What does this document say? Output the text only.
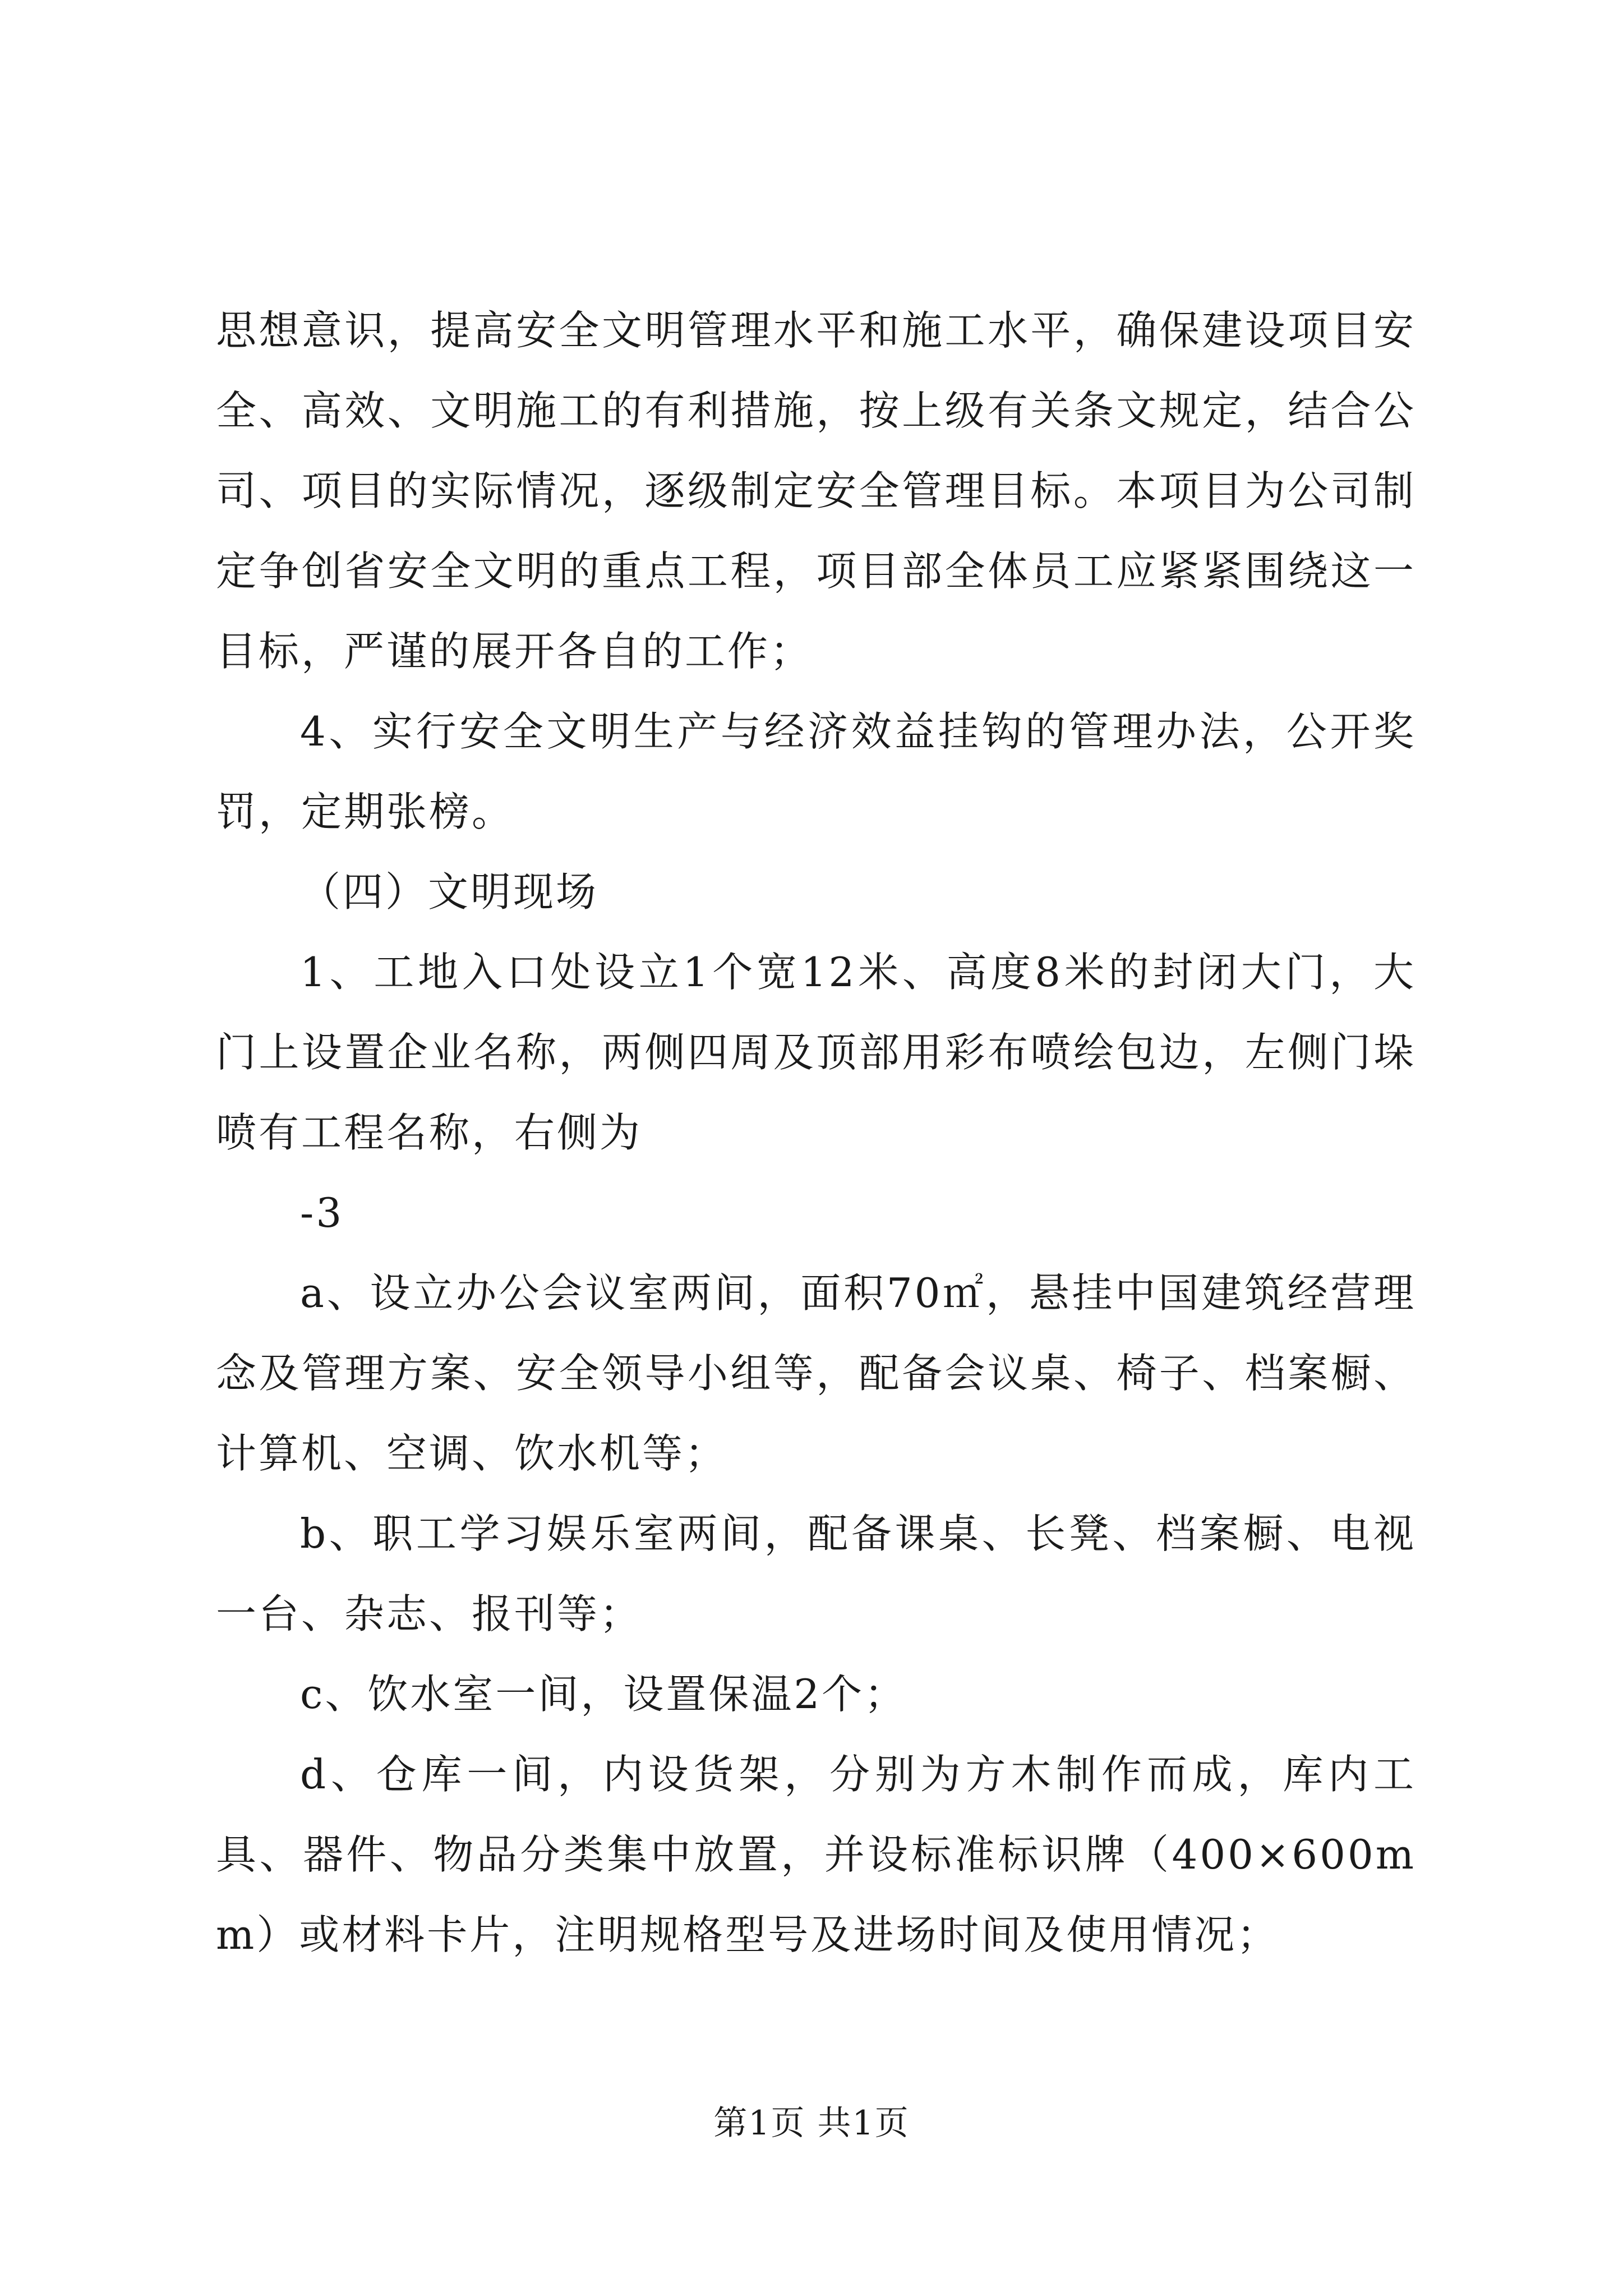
思想意识，提高安全文明管理水平和施工水平，确保建设项目安全、高效、文明施工的有利措施，按上级有关条文规定，结合公司、项目的实际情况，逐级制定安全管理目标。本项目为公司制定争创省安全文明的重点工程，项目部全体员工应紧紧围绕这一目标，严谨的展开各自的工作；

4、实行安全文明生产与经济效益挂钩的管理办法，公开奖罚，定期张榜。

（四）文明现场

1、工地入口处设立1个宽12米、高度8米的封闭大门，大门上设置企业名称，两侧四周及顶部用彩布喷绘包边，左侧门垛喷有工程名称，右侧为

-3

a、设立办公会议室两间，面积70㎡，悬挂中国建筑经营理念及管理方案、安全领导小组等，配备会议桌、椅子、档案橱、计算机、空调、饮水机等；

b、职工学习娱乐室两间，配备课桌、长凳、档案橱、电视一台、杂志、报刊等；

c、饮水室一间，设置保温2个；

d、仓库一间，内设货架，分别为方木制作而成，库内工具、器件、物品分类集中放置，并设标准标识牌（400×600mm）或材料卡片，注明规格型号及进场时间及使用情况；

第1页 共1页
